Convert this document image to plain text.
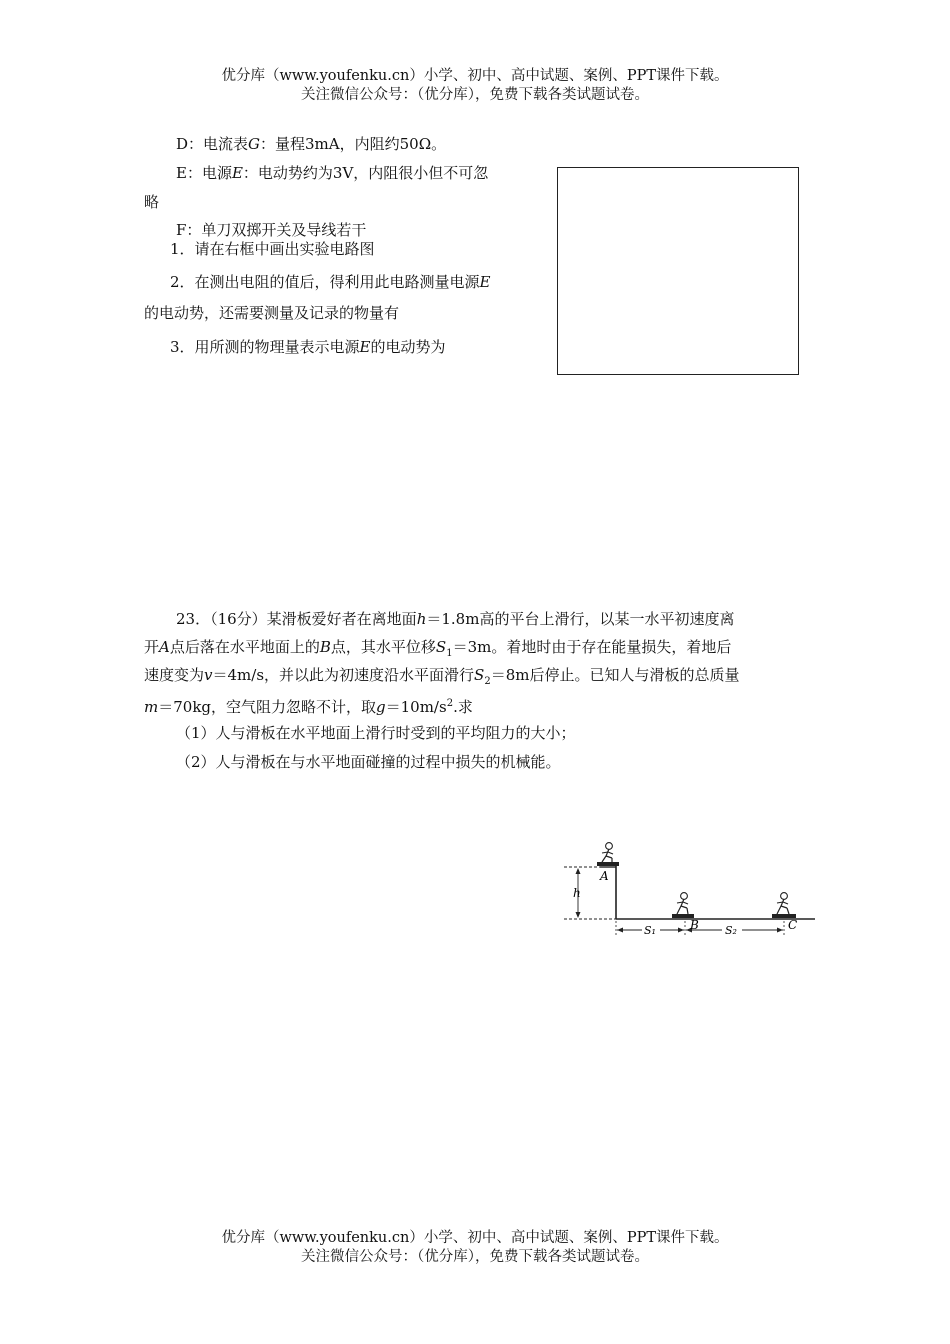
优分库（www.youfenku.cn）小学、初中、高中试题、案例、PPT课件下载。
关注微信公众号：（优分库），免费下载各类试题试卷。
D：电流表G：量程3mA，内阻约50Ω。
E：电源E：电动势约为3V，内阻很小但不可忽
略
F：单刀双掷开关及导线若干
1．请在右框中画出实验电路图
2．在测出电阻的值后，得利用此电路测量电源E
的电动势，还需要测量及记录的物量有
3．用所测的物理量表示电源E的电动势为
23．（16分）某滑板爱好者在离地面h＝1.8m高的平台上滑行，以某一水平初速度离
开A点后落在水平地面上的B点，其水平位移$S_1=3m$。着地时由于存在能量损失，着地后
速度变为v＝4m/s，并以此为初速度沿水平面滑行$S_2=8m$后停止。已知人与滑板的总质量
m＝70kg，空气阻力忽略不计，取$g=10m/s^2$.求
（1）人与滑板在水平地面上滑行时受到的平均阻力的大小；
（2）人与滑板在与水平地面碰撞的过程中损失的机械能。
h
A
S₁	S₂
B	C
优分库（www.youfenku.cn）小学、初中、高中试题、案例、PPT课件下载。
关注微信公众号：（优分库），免费下载各类试题试卷。
